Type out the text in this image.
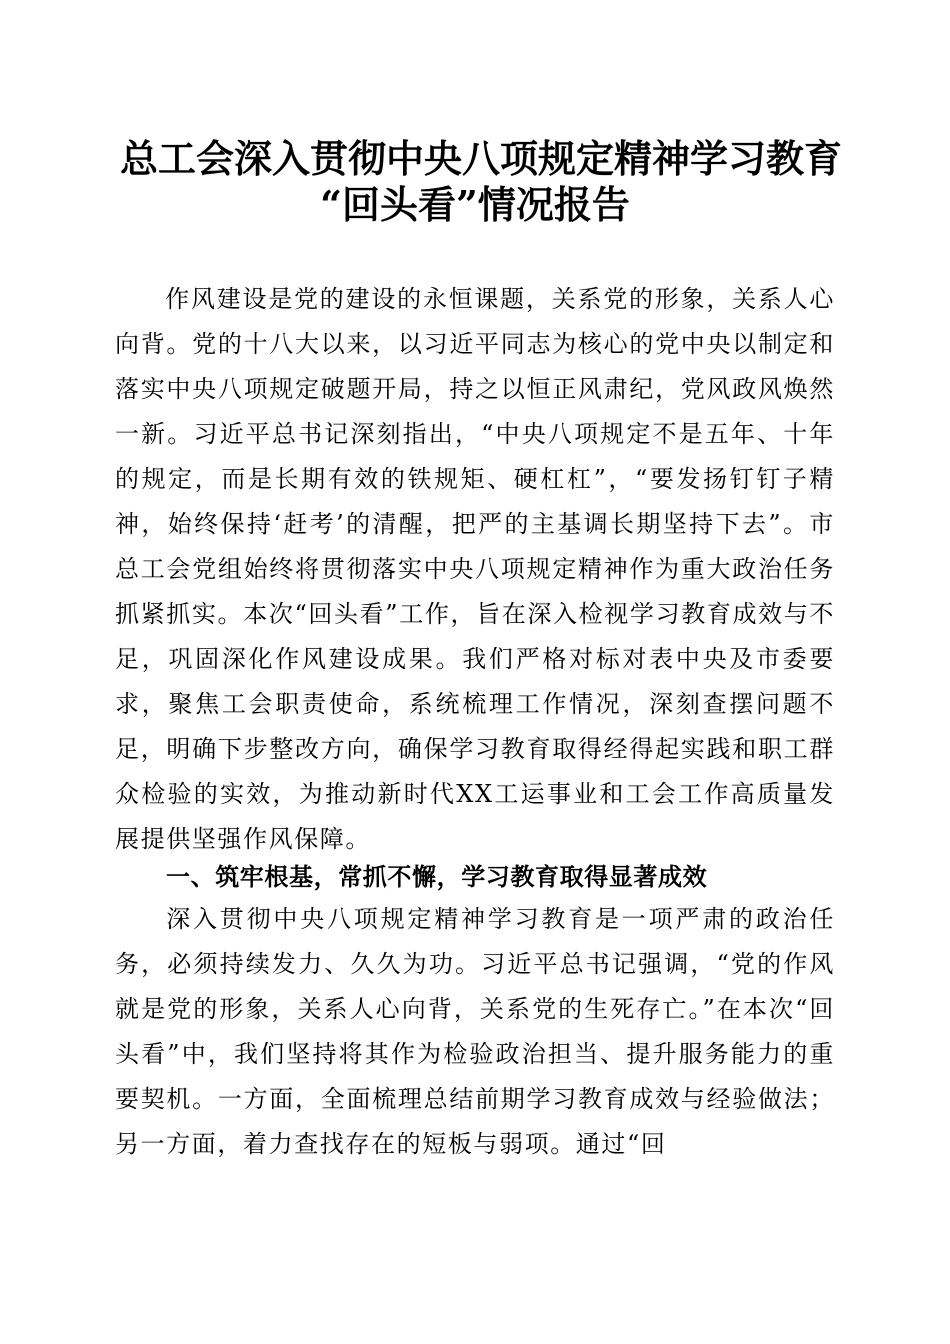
总工会深入贯彻中央八项规定精神学习教育
“回头看”情况报告

作风建设是党的建设的永恒课题，关系党的形象，关系人心向背。党的十八大以来，以习近平同志为核心的党中央以制定和落实中央八项规定破题开局，持之以恒正风肃纪，党风政风焕然一新。习近平总书记深刻指出，“中央八项规定不是五年、十年的规定，而是长期有效的铁规矩、硬杠杠”，“要发扬钉钉子精神，始终保持‘赶考’的清醒，把严的主基调长期坚持下去”。市总工会党组始终将贯彻落实中央八项规定精神作为重大政治任务抓紧抓实。本次“回头看”工作，旨在深入检视学习教育成效与不足，巩固深化作风建设成果。我们严格对标对表中央及市委要求，聚焦工会职责使命，系统梳理工作情况，深刻查摆问题不足，明确下步整改方向，确保学习教育取得经得起实践和职工群众检验的实效，为推动新时代XX工运事业和工会工作高质量发展提供坚强作风保障。

一、筑牢根基，常抓不懈，学习教育取得显著成效

深入贯彻中央八项规定精神学习教育是一项严肃的政治任务，必须持续发力、久久为功。习近平总书记强调，“党的作风就是党的形象，关系人心向背，关系党的生死存亡。”在本次“回头看”中，我们坚持将其作为检验政治担当、提升服务能力的重要契机。一方面，全面梳理总结前期学习教育成效与经验做法；另一方面，着力查找存在的短板与弱项。通过“回
